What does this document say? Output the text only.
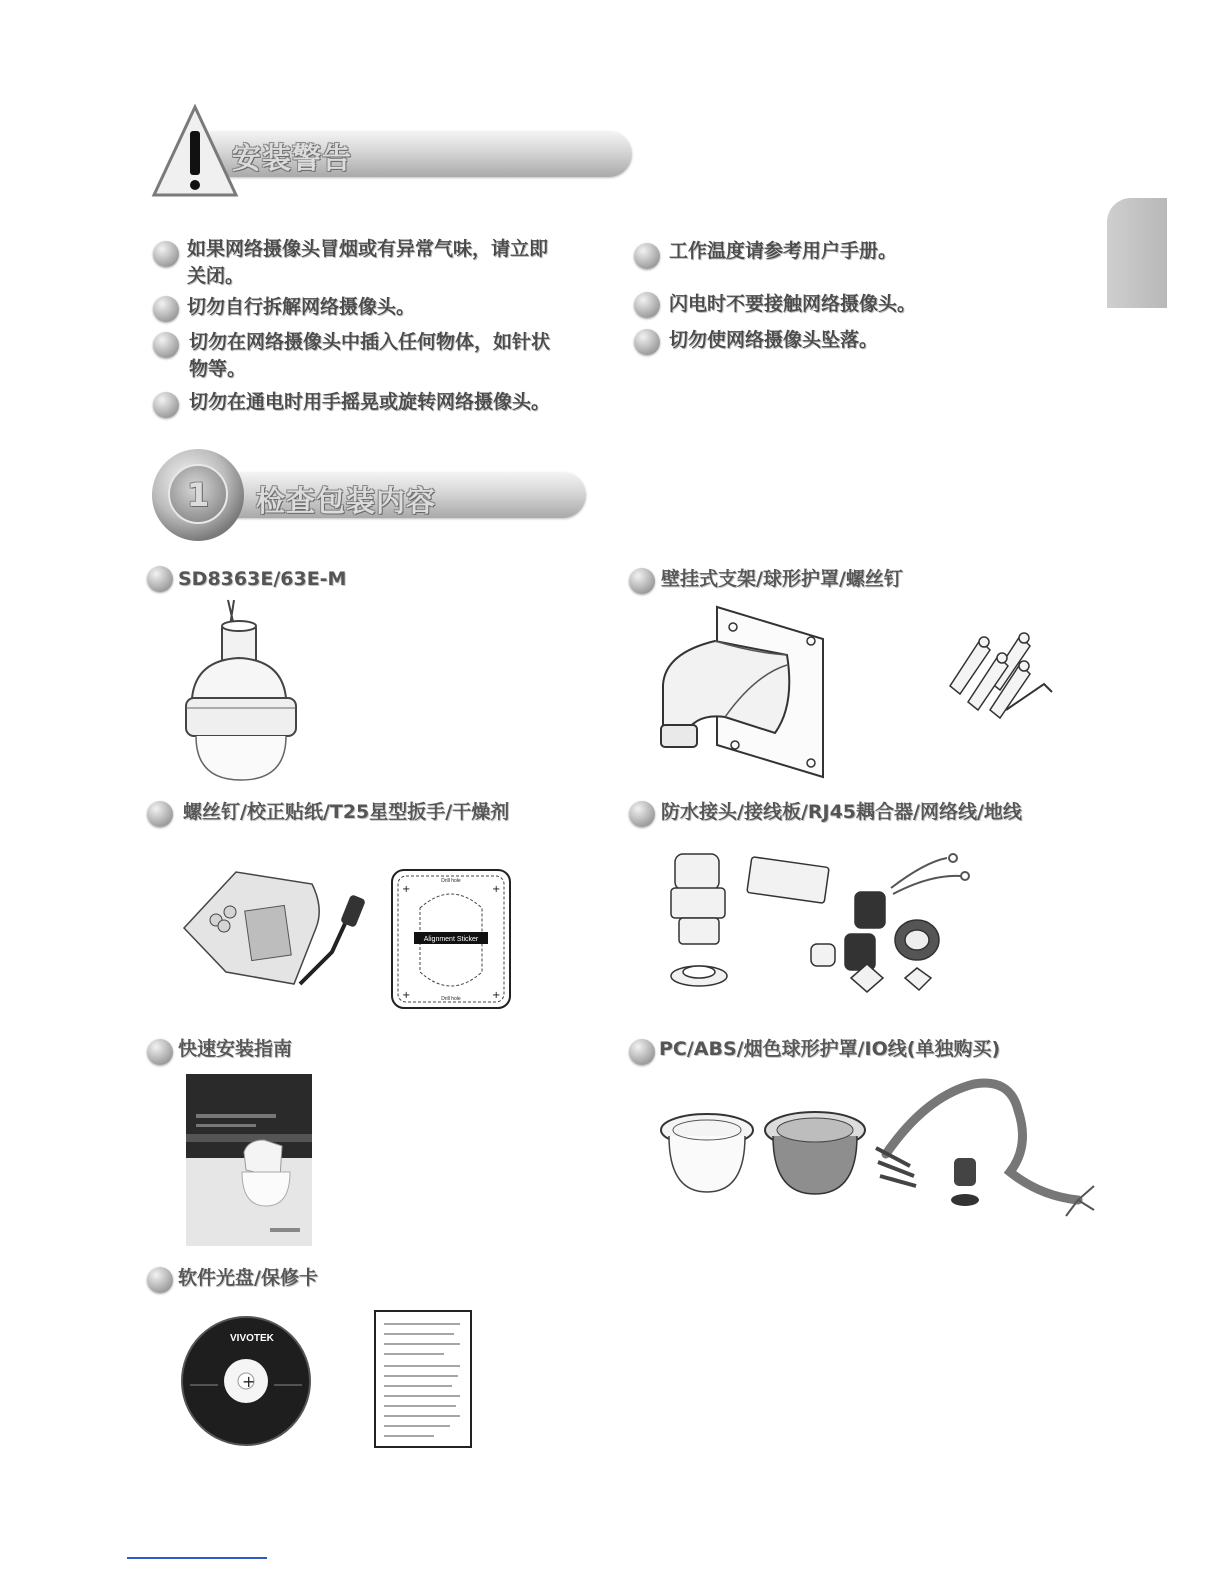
安装警告
如果网络摄像头冒烟或有异常气味，请立即
关闭。
切勿自行拆解网络摄像头。
切勿在网络摄像头中插入任何物体，如针状
物等。
切勿在通电时用手摇晃或旋转网络摄像头。
工作温度请参考用户手册。
闪电时不要接触网络摄像头。
切勿使网络摄像头坠落。
1 检查包装内容
SD8363E/63E-M	壁挂式支架/球形护罩/螺丝钉
螺丝钉/校正贴纸/T25星型扳手/干燥剂
+	+
+	+
Alignment Sticker
Drill hole
Drill hole
防水接头/接线板/RJ45耦合器/网络线/地线
快速安装指南	PC/ABS/烟色球形护罩/IO线(单独购买)
软件光盘/保修卡
+
VIVOTEK
